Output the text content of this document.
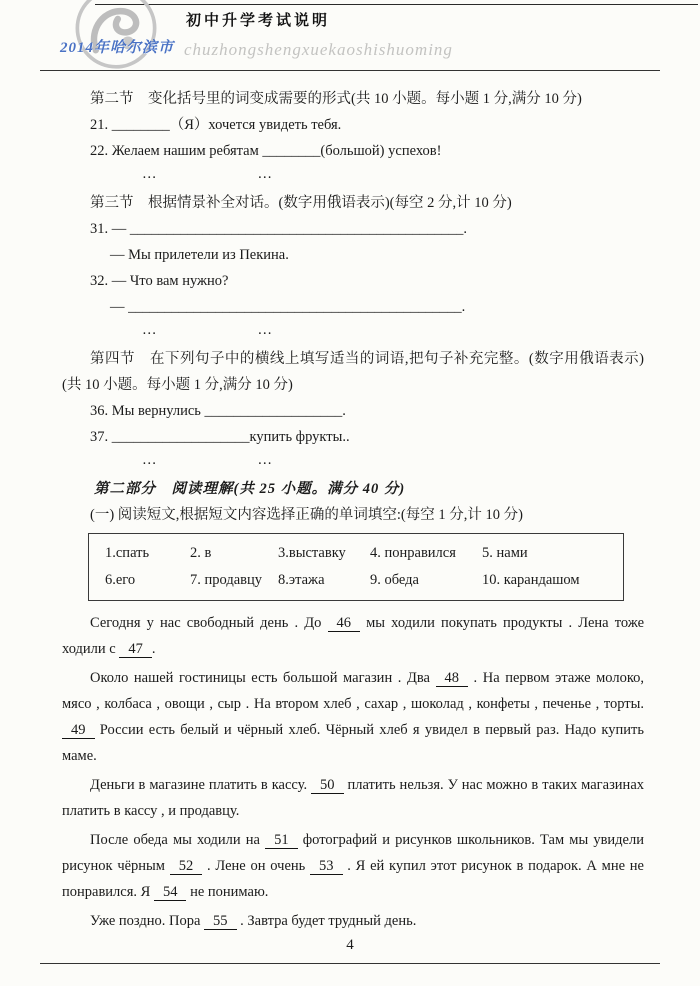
初中升学考试说明
2014年哈尔滨市 chuzhongshengxuekaoshishuoming
第二节　变化括号里的词变成需要的形式(共 10 小题。每小题 1 分,满分 10 分)
21. ________（Я）хочется увидеть тебя.
22. Желаем нашим ребятам ________(большой) успехов!
…      …
第三节　根据情景补全对话。(数字用俄语表示)(每空 2 分,计 10 分)
31. — ______________________________________________.
— Мы прилетели из Пекина.
32. — Что вам нужно?
— ______________________________________________.
…      …
第四节　在下列句子中的横线上填写适当的词语,把句子补充完整。(数字用俄语表示)(共 10 小题。每小题 1 分,满分 10 分)
36. Мы вернулись ___________________.
37. ___________________купить фрукты..
…      …
第二部分　阅读理解(共 25 小题。满分 40 分)
(一) 阅读短文,根据短文内容选择正确的单词填空:(每空 1 分,计 10 分)
1.спать	2. в	3.выставку	4. понравился	5. нами
6.его	7. продавцу	8.этажа	9. обеда	10. карандашом

Сегодня у нас свободный день . До 46 мы ходили покупать продукты . Лена тоже ходили с 47 .

Около нашей гостиницы есть большой магазин . Два 48 . На первом этаже молоко, мясо , колбаса , овощи , сыр . На втором хлеб , сахар , шоколад , конфеты , печенье , торты. 49 России есть белый и чёрный хлеб. Чёрный хлеб я увидел в первый раз. Надо купить маме.

Деньги в магазине платить в кассу. 50 платить нельзя. У нас можно в таких магазинах платить в кассу , и продавцу.

После обеда мы ходили на 51 фотографий и рисунков школьников. Там мы увидели рисунок чёрным 52 . Лене он очень 53 . Я ей купил этот рисунок в подарок. А мне не понравился. Я 54 не понимаю.

Уже поздно. Пора 55 . Завтра будет трудный день.

4
